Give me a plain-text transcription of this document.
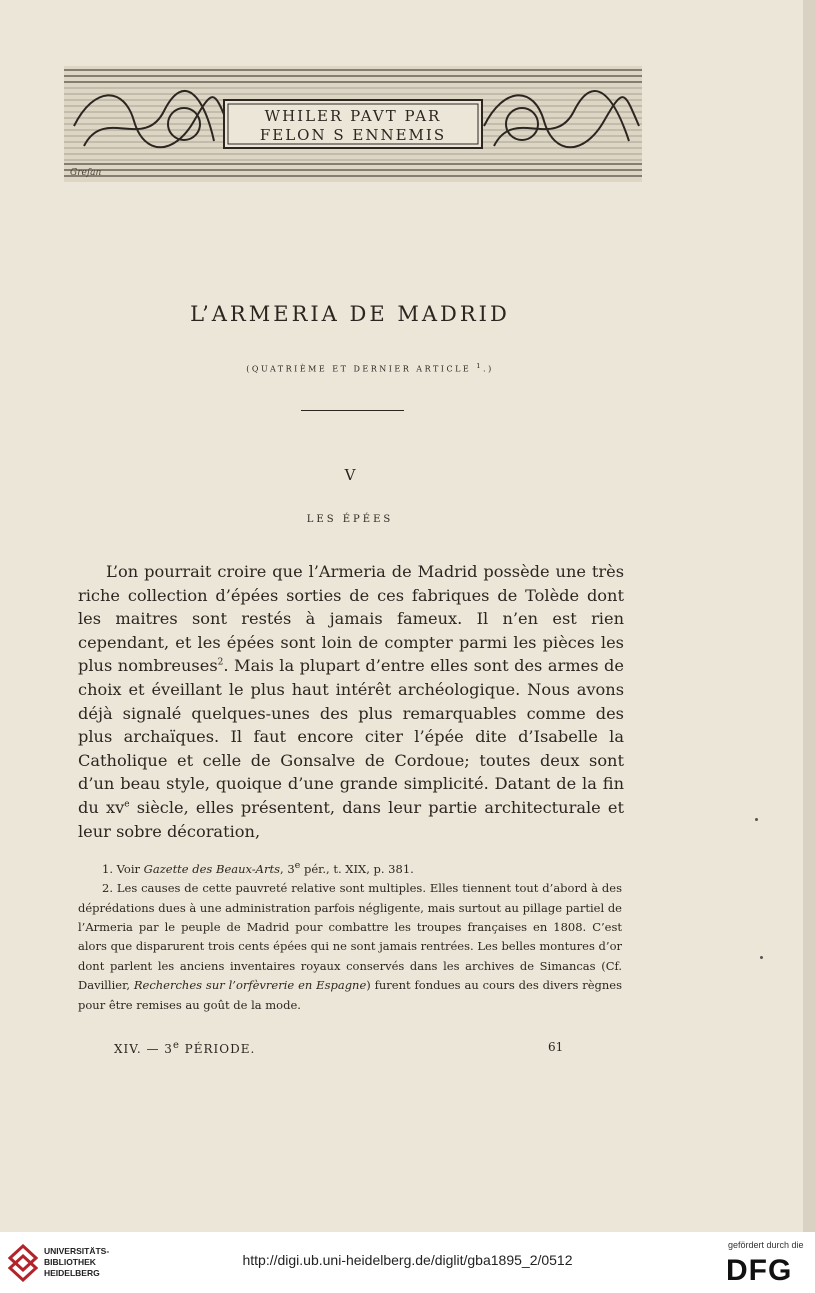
WHILER PAVT PAR
FELON S ENNEMIS
Grefan
L’ARMERIA DE MADRID
(QUATRIÈME ET DERNIER ARTICLE $^1$.)
V
LES ÉPÉES

L’on pourrait croire que l’Armeria de Madrid possède une très riche collection d’épées sorties de ces fabriques de Tolède dont les maitres sont restés à jamais fameux. Il n’en est rien cependant, et les épées sont loin de compter parmi les pièces les plus nombreuses$^2$. Mais la plupart d’entre elles sont des armes de choix et éveillant le plus haut intérêt archéologique. Nous avons déjà signalé quelques-unes des plus remarquables comme des plus archaïques. Il faut encore citer l’épée dite d’Isabelle la Catholique et celle de Gonsalve de Cordoue; toutes deux sont d’un beau style, quoique d’une grande simplicité. Datant de la fin du $xv^e$ siècle, elles présentent, dans leur partie architecturale et leur sobre décoration,

1. Voir Gazette des Beaux-Arts, 3e pér., t. XIX, p. 381.

2. Les causes de cette pauvreté relative sont multiples. Elles tiennent tout d’abord à des déprédations dues à une administration parfois négligente, mais surtout au pillage partiel de l’Armeria par le peuple de Madrid pour combattre les troupes françaises en 1808. C’est alors que disparurent trois cents épées qui ne sont jamais rentrées. Les belles montures d’or dont parlent les anciens inventaires royaux conservés dans les archives de Simancas (Cf. Davillier, Recherches sur l’orfèvrerie en Espagne) furent fondues au cours des divers règnes pour être remises au goût de la mode.

XIV. — 3e PÉRIODE.	61
UNIVERSITÄTS-
BIBLIOTHEK
HEIDELBERG
http://digi.ub.uni-heidelberg.de/diglit/gba1895_2/0512
gefördert durch die
DFG
